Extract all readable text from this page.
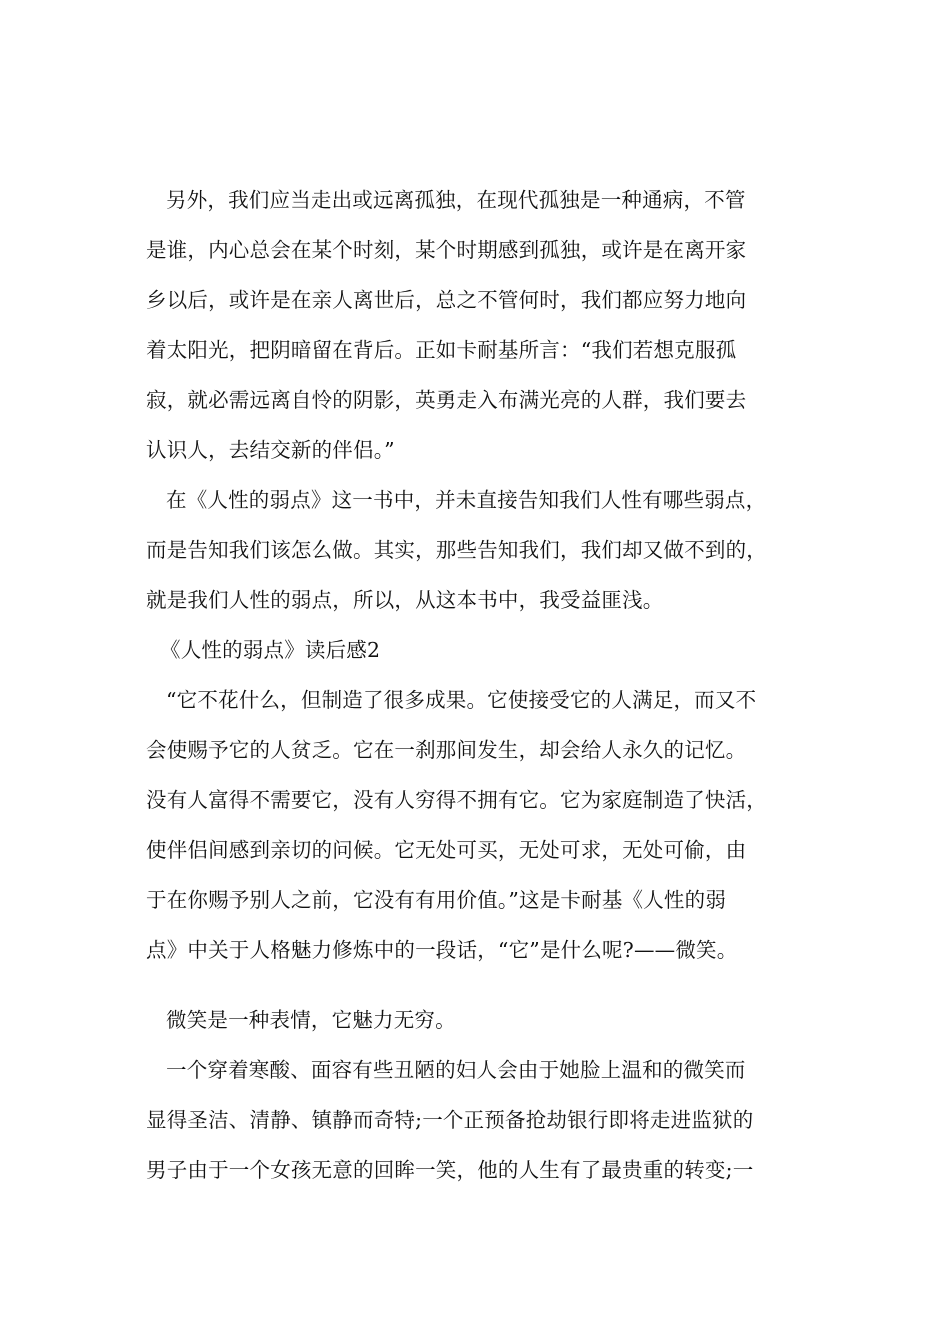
另外，我们应当走出或远离孤独，在现代孤独是一种通病，不管
是谁，内心总会在某个时刻，某个时期感到孤独，或许是在离开家
乡以后，或许是在亲人离世后，总之不管何时，我们都应努力地向
着太阳光，把阴暗留在背后。正如卡耐基所言：“我们若想克服孤
寂，就必需远离自怜的阴影，英勇走入布满光亮的人群，我们要去
认识人，去结交新的伴侣。”
在《人性的弱点》这一书中，并未直接告知我们人性有哪些弱点，
而是告知我们该怎么做。其实，那些告知我们，我们却又做不到的，
就是我们人性的弱点，所以，从这本书中，我受益匪浅。
《人性的弱点》读后感2
“它不花什么，但制造了很多成果。它使接受它的人满足，而又不
会使赐予它的人贫乏。它在一刹那间发生，却会给人永久的记忆。
没有人富得不需要它，没有人穷得不拥有它。它为家庭制造了快活，
使伴侣间感到亲切的问候。它无处可买，无处可求，无处可偷，由
于在你赐予别人之前，它没有有用价值。”这是卡耐基《人性的弱
点》中关于人格魅力修炼中的一段话，“它”是什么呢?——微笑。
微笑是一种表情，它魅力无穷。
一个穿着寒酸、面容有些丑陋的妇人会由于她脸上温和的微笑而
显得圣洁、清静、镇静而奇特;一个正预备抢劫银行即将走进监狱的
男子由于一个女孩无意的回眸一笑，他的人生有了最贵重的转变;一
